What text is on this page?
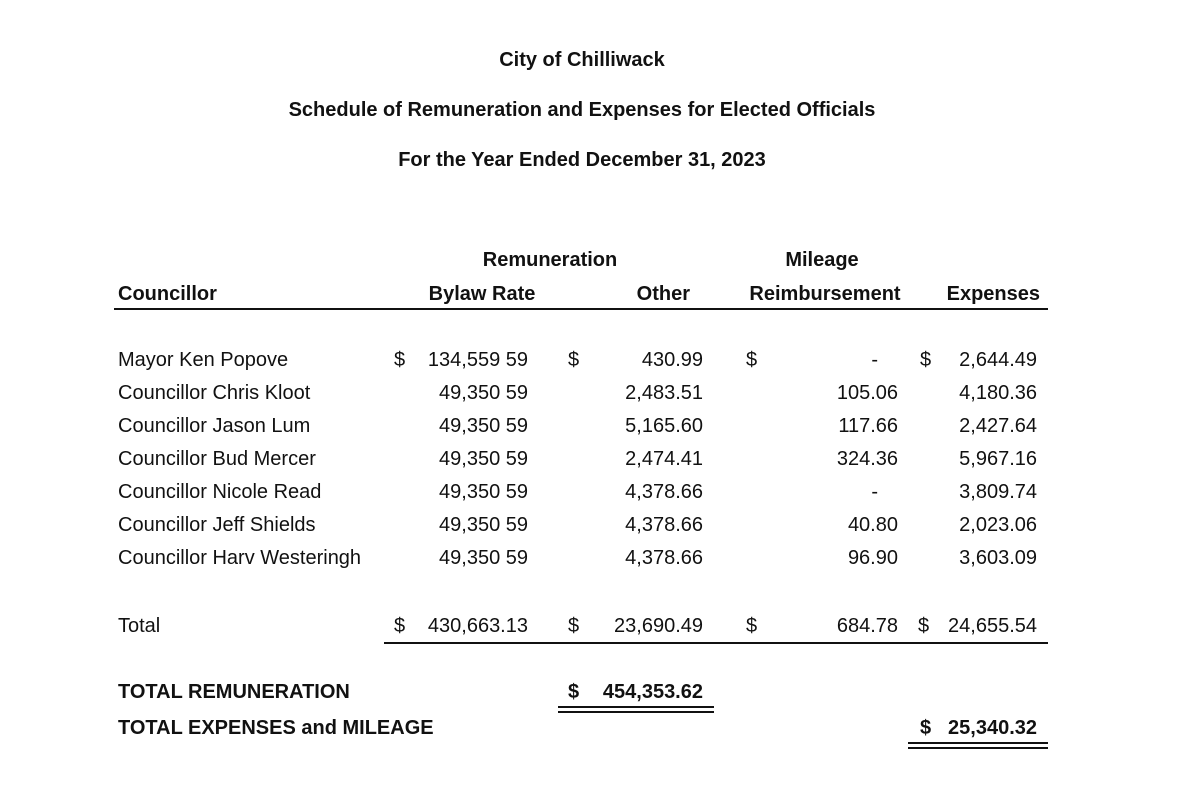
City of Chilliwack
Schedule of Remuneration and Expenses for Elected Officials
For the Year Ended December 31, 2023
Remuneration	Mileage
Councillor	Bylaw Rate	Other	Reimbursement	Expenses
Mayor Ken Popove	$	134,559 59 $	430.99 $	- $	2,644.49
Councillor Chris Kloot	49,350 59	2,483.51	105.06	4,180.36
Councillor Jason Lum	49,350 59	5,165.60	117.66	2,427.64
Councillor Bud Mercer	49,350 59	2,474.41	324.36	5,967.16
Councillor Nicole Read	49,350 59	4,378.66	-	3,809.74
Councillor Jeff Shields	49,350 59	4,378.66	40.80	2,023.06
Councillor Harv Westeringh	49,350 59	4,378.66	96.90	3,603.09
Total	$	430,663.13 $	23,690.49 $	684.78 $ 24,655.54
TOTAL REMUNERATION	$	454,353.62
TOTAL EXPENSES and MILEAGE	$ 25,340.32
